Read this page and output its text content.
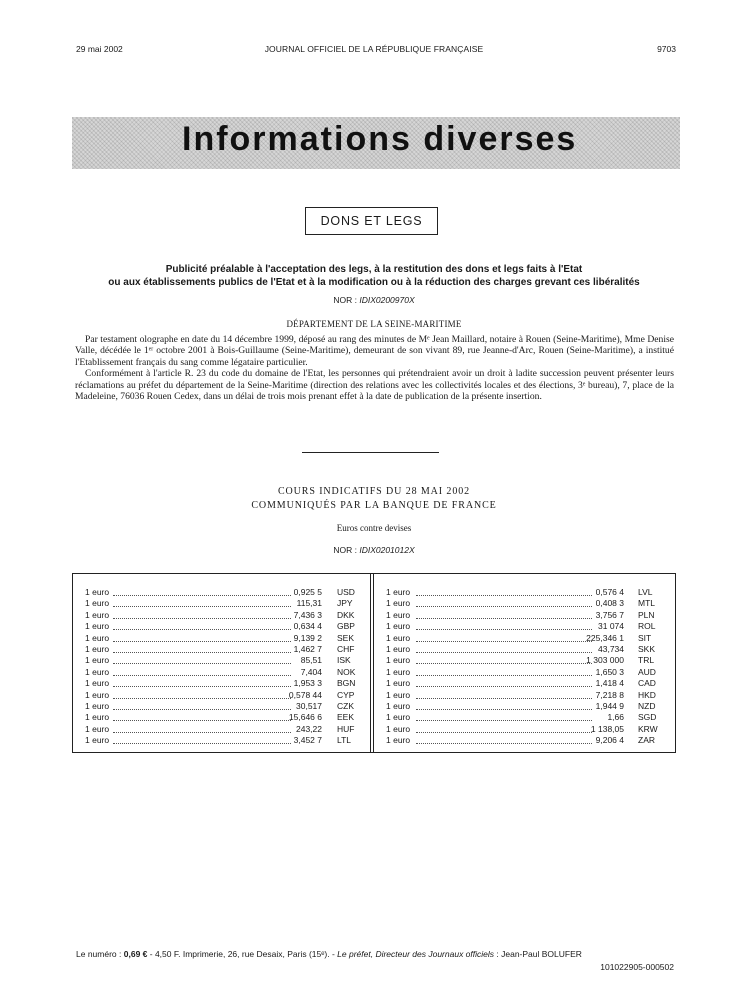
JOURNAL OFFICIEL DE LA RÉPUBLIQUE FRANÇAISE
29 mai 2002	9703
Informations diverses
DONS ET LEGS
Publicité préalable à l'acceptation des legs, à la restitution des dons et legs faits à l'Etat
ou aux établissements publics de l'Etat et à la modification ou à la réduction des charges grevant ces libéralités
NOR : IDIX0200970X
DÉPARTEMENT DE LA SEINE-MARITIME

Par testament olographe en date du 14 décembre 1999, déposé au rang des minutes de Mᵉ Jean Maillard, notaire à Rouen (Seine-Maritime), Mme Denise Valle, décédée le 1ᵉʳ octobre 2001 à Bois-Guillaume (Seine-Maritime), demeurant de son vivant 89, rue Jeanne-d'Arc, Rouen (Seine-Maritime), a institué l'Etablissement français du sang comme légataire particulier.

Conformément à l'article R. 23 du code du domaine de l'Etat, les personnes qui prétendraient avoir un droit à ladite succession peuvent présenter leurs réclamations au préfet du département de la Seine-Maritime (direction des relations avec les collectivités locales et des élections, 3ᵉ bureau), 7, place de la Madeleine, 76036 Rouen Cedex, dans un délai de trois mois prenant effet à la date de publication de la présente insertion.

COURS INDICATIFS DU 28 MAI 2002
COMMUNIQUÉS PAR LA BANQUE DE FRANCE
Euros contre devises
NOR : IDIX0201012X
1 euro	0,925 5 USD
1 euro	115,31 JPY
1 euro	7,436 3 DKK
1 euro	0,634 4 GBP
1 euro	9,139 2 SEK
1 euro	1,462 7 CHF
1 euro	85,51 ISK
1 euro	7,404 NOK
1 euro	1,953 3 BGN
1 euro	0,578 44 CYP
1 euro	30,517 CZK
1 euro	15,646 6 EEK
1 euro	243,22 HUF
1 euro	3,452 7 LTL
1 euro	0,576 4 LVL
1 euro	0,408 3 MTL
1 euro	3,756 7 PLN
1 euro	31 074 ROL
1 euro	225,346 1 SIT
1 euro	43,734 SKK
1 euro	1 303 000 TRL
1 euro	1,650 3 AUD
1 euro	1,418 4 CAD
1 euro	7,218 8 HKD
1 euro	1,944 9 NZD
1 euro	1,66 SGD
1 euro	1 138,05 KRW
1 euro	9,206 4 ZAR
Le numéro : 0,69 € - 4,50 F. Imprimerie, 26, rue Desaix, Paris (15ᵉ). - Le préfet, Directeur des Journaux officiels : Jean-Paul BOLUFER
101022905-000502
